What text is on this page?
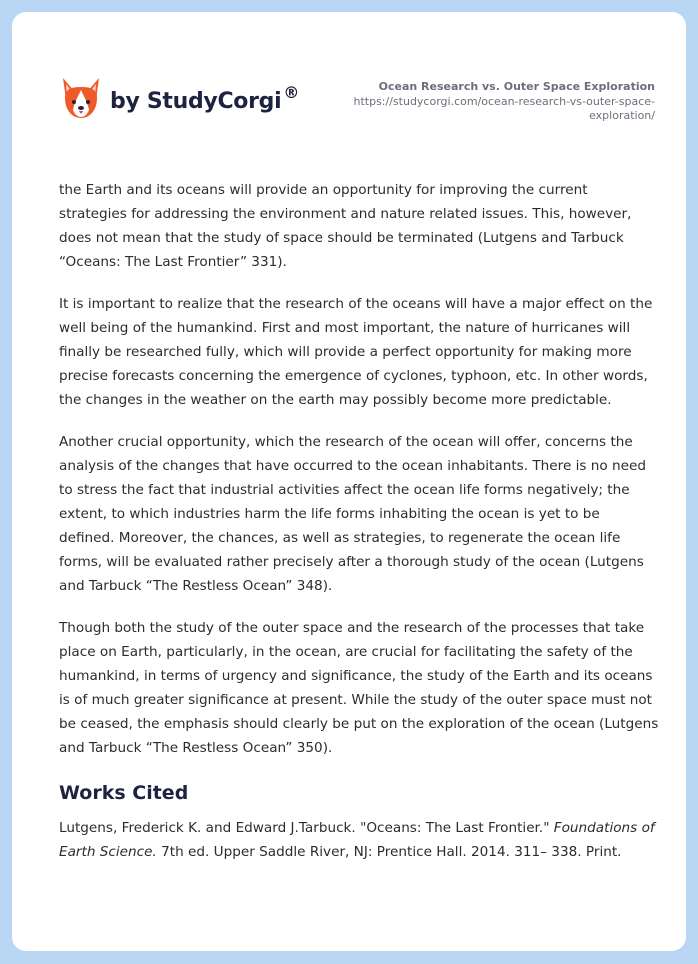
by StudyCorgi ®	Ocean Research vs. Outer Space Exploration
https://studycorgi.com/ocean-research-vs-outer-space-exploration/

the Earth and its oceans will provide an opportunity for improving the current strategies for addressing the environment and nature related issues. This, however, does not mean that the study of space should be terminated (Lutgens and Tarbuck “Oceans: The Last Frontier” 331).

It is important to realize that the research of the oceans will have a major effect on the well being of the humankind. First and most important, the nature of hurricanes will finally be researched fully, which will provide a perfect opportunity for making more precise forecasts concerning the emergence of cyclones, typhoon, etc. In other words, the changes in the weather on the earth may possibly become more predictable.

Another crucial opportunity, which the research of the ocean will offer, concerns the analysis of the changes that have occurred to the ocean inhabitants. There is no need to stress the fact that industrial activities affect the ocean life forms negatively; the extent, to which industries harm the life forms inhabiting the ocean is yet to be defined. Moreover, the chances, as well as strategies, to regenerate the ocean life forms, will be evaluated rather precisely after a thorough study of the ocean (Lutgens and Tarbuck “The Restless Ocean” 348).

Though both the study of the outer space and the research of the processes that take place on Earth, particularly, in the ocean, are crucial for facilitating the safety of the humankind, in terms of urgency and significance, the study of the Earth and its oceans is of much greater significance at present. While the study of the outer space must not be ceased, the emphasis should clearly be put on the exploration of the ocean (Lutgens and Tarbuck “The Restless Ocean” 350).

Works Cited

Lutgens, Frederick K. and Edward J.Tarbuck. "Oceans: The Last Frontier." Foundations of Earth Science. 7th ed. Upper Saddle River, NJ: Prentice Hall. 2014. 311– 338. Print.
